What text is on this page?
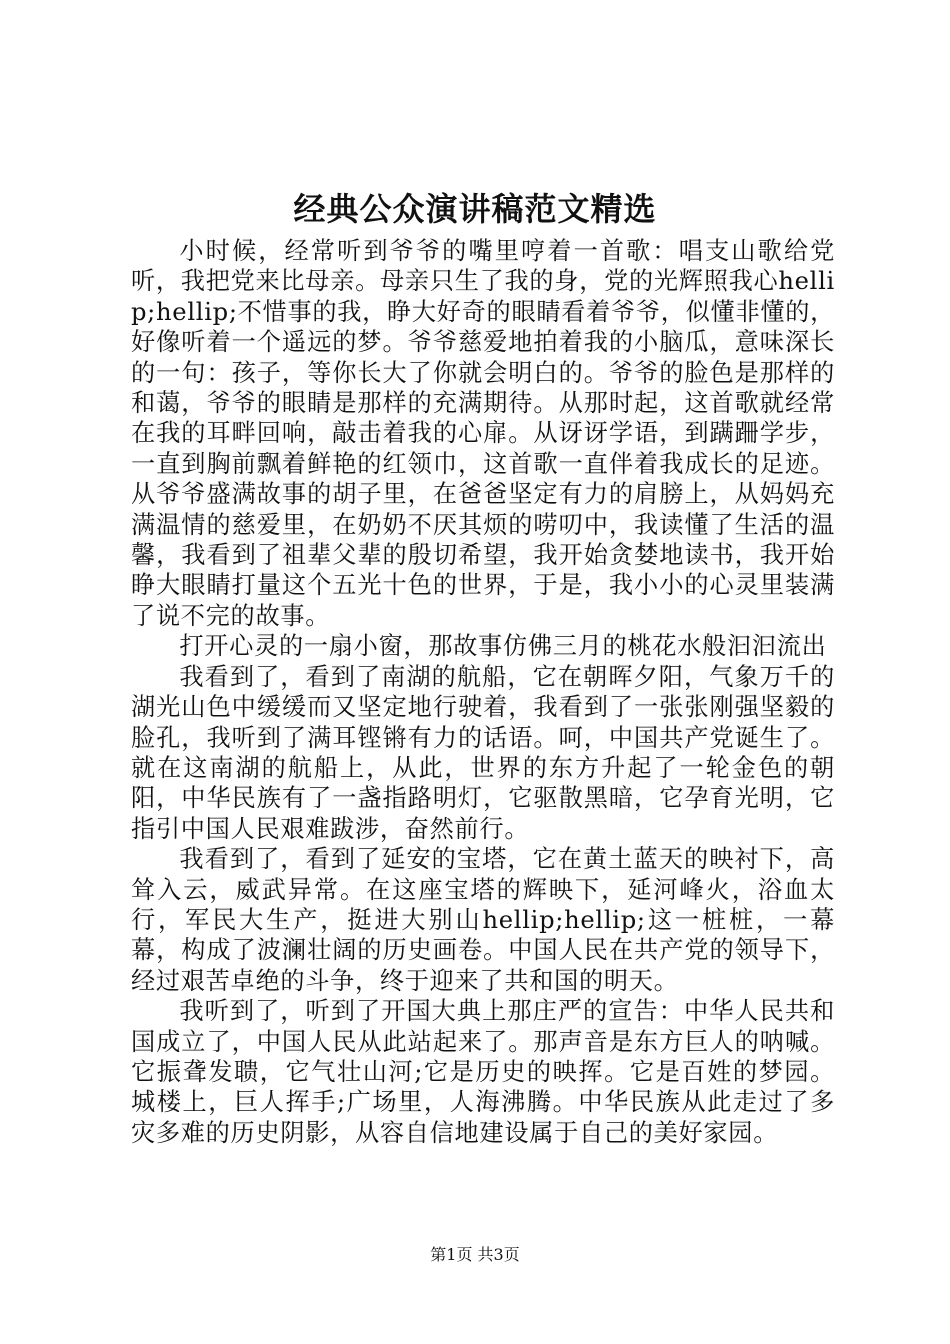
经典公众演讲稿范文精选

小时候，经常听到爷爷的嘴里哼着一首歌：唱支山歌给党听，我把党来比母亲。母亲只生了我的身，党的光辉照我心hellip;hellip;不惜事的我，睁大好奇的眼睛看着爷爷，似懂非懂的，好像听着一个遥远的梦。爷爷慈爱地拍着我的小脑瓜，意味深长的一句：孩子，等你长大了你就会明白的。爷爷的脸色是那样的和蔼，爷爷的眼睛是那样的充满期待。从那时起，这首歌就经常在我的耳畔回响，敲击着我的心扉。从讶讶学语，到蹒跚学步，一直到胸前飘着鲜艳的红领巾，这首歌一直伴着我成长的足迹。从爷爷盛满故事的胡子里，在爸爸坚定有力的肩膀上，从妈妈充满温情的慈爱里，在奶奶不厌其烦的唠叨中，我读懂了生活的温馨，我看到了祖辈父辈的殷切希望，我开始贪婪地读书，我开始睁大眼睛打量这个五光十色的世界，于是，我小小的心灵里装满了说不完的故事。

打开心灵的一扇小窗，那故事仿佛三月的桃花水般汩汩流出

我看到了，看到了南湖的航船，它在朝晖夕阳，气象万千的湖光山色中缓缓而又坚定地行驶着，我看到了一张张刚强坚毅的脸孔，我听到了满耳铿锵有力的话语。呵，中国共产党诞生了。就在这南湖的航船上，从此，世界的东方升起了一轮金色的朝阳，中华民族有了一盏指路明灯，它驱散黑暗，它孕育光明，它指引中国人民艰难跋涉，奋然前行。

我看到了，看到了延安的宝塔，它在黄土蓝天的映衬下，高耸入云，威武异常。在这座宝塔的辉映下，延河峰火，浴血太行，军民大生产，挺进大别山hellip;hellip;这一桩桩，一幕幕，构成了波澜壮阔的历史画卷。中国人民在共产党的领导下，经过艰苦卓绝的斗争，终于迎来了共和国的明天。

我听到了，听到了开国大典上那庄严的宣告：中华人民共和国成立了，中国人民从此站起来了。那声音是东方巨人的呐喊。它振聋发聩，它气壮山河;它是历史的映挥。它是百姓的梦园。城楼上，巨人挥手;广场里，人海沸腾。中华民族从此走过了多灾多难的历史阴影，从容自信地建设属于自己的美好家园。

第1页 共3页
